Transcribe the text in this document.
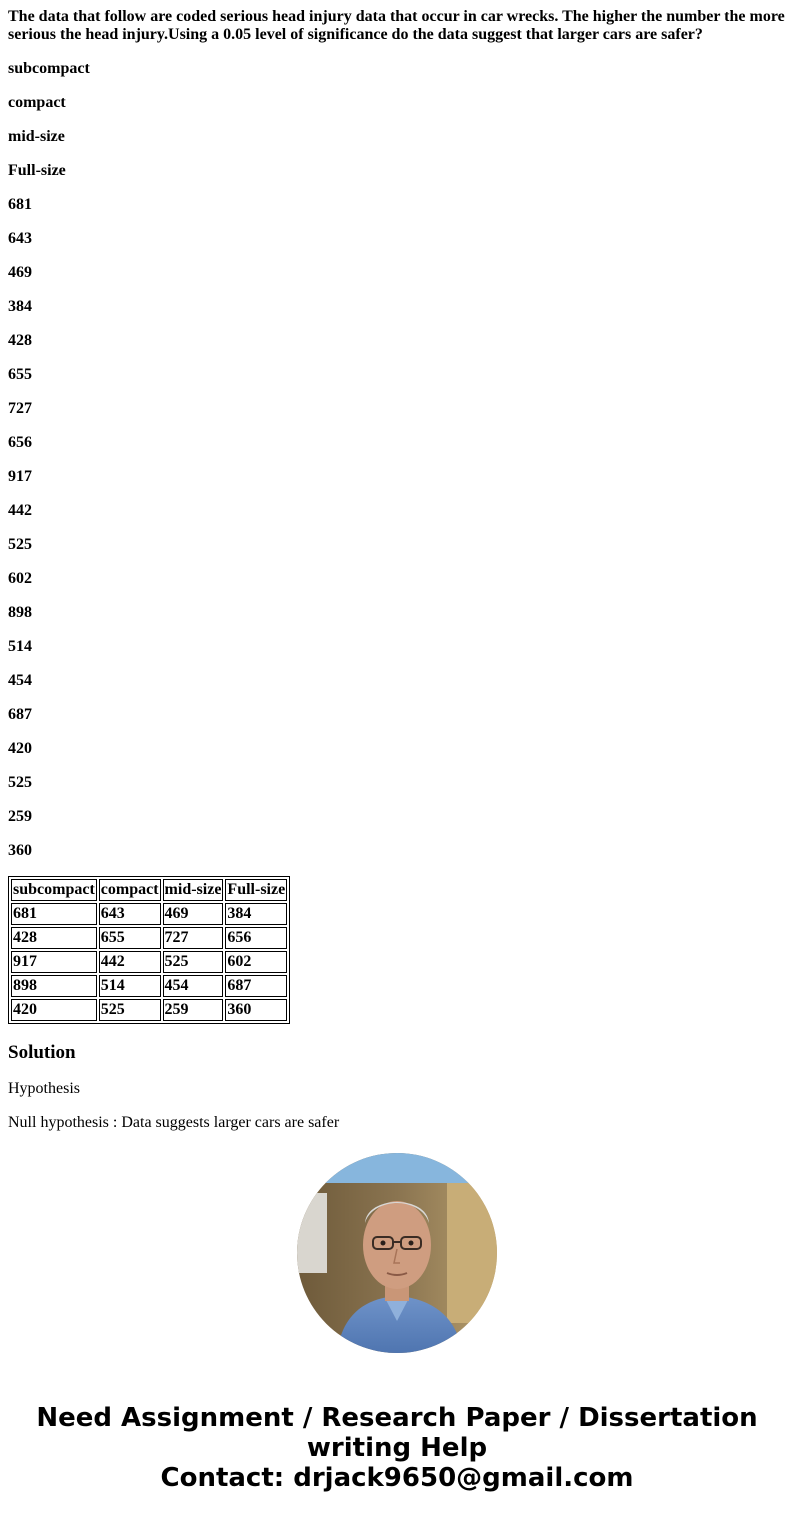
The data that follow are coded serious head injury data that occur in car wrecks. The higher the number the more serious the head injury.Using a 0.05 level of significance do the data suggest that larger cars are safer?

subcompact

compact

mid-size

Full-size

681

643

469

384

428

655

727

656

917

442

525

602

898

514

454

687

420

525

259

360

subcompact	compact	mid-size	Full-size
681	643	469	384
428	655	727	656
917	442	525	602
898	514	454	687
420	525	259	360
Solution

Hypothesis

Null hypothesis : Data suggests larger cars are safer

Need Assignment / Research Paper / Dissertation
writing Help
Contact: drjack9650@gmail.com
